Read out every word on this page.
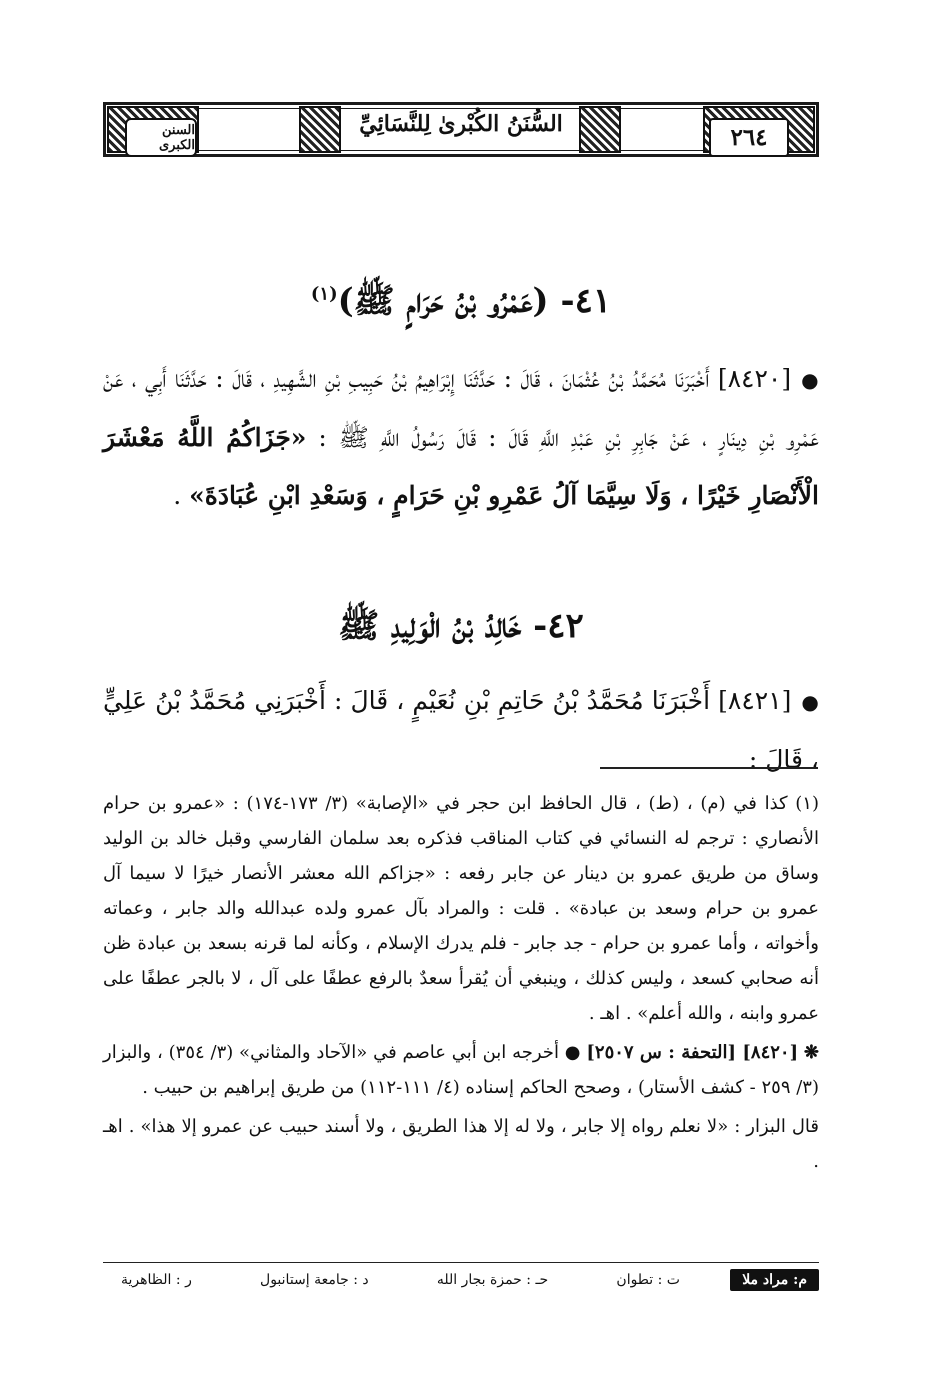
السنن الكبرى
السُّنَنُ الكُبْرىٰ لِلنَّسَائِيِّ	٢٦٤
٤١- (عَمْرُو بْنُ حَرَامٍ ﷺ)$^{(١)}$
●[٨٤٢٠] أَخْبَرَنَا مُحَمَّدُ بْنُ عُثْمَانَ ، قَالَ : حَدَّثَنَا إِبْرَاهِيمُ بْنُ حَبِيبِ بْنِ الشَّهِيدِ ، قَالَ : حَدَّثَنَا أَبِي ، عَنْ عَمْرِو بْنِ دِينَارٍ ، عَنْ جَابِرِ بْنِ عَبْدِ اللَّهِ قَالَ : قَالَ رَسُولُ اللَّهِ ﷺ : «جَزَاكُمُ اللَّهُ مَعْشَرَ الْأَنْصَارِ خَيْرًا ، وَلَا سِيَّمَا آلُ عَمْرِو بْنِ حَرَامٍ ، وَسَعْدِ ابْنِ عُبَادَةَ» .
٤٢- خَالِدُ بْنُ الْوَلِيدِ ﷺ
●[٨٤٢١] أَخْبَرَنَا مُحَمَّدُ بْنُ حَاتِمِ بْنِ نُعَيْمٍ ، قَالَ : أَخْبَرَنِي مُحَمَّدُ بْنُ عَلِيٍّ ، قَالَ :

(١) كذا في (م) ، (ط) ، قال الحافظ ابن حجر في «الإصابة» (٣/ ١٧٣-١٧٤) : «عمرو بن حرام الأنصاري : ترجم له النسائي في كتاب المناقب فذكره بعد سلمان الفارسي وقبل خالد بن الوليد وساق من طريق عمرو بن دينار عن جابر رفعه : «جزاكم الله معشر الأنصار خيرًا لا سيما آل عمرو بن حرام وسعد بن عبادة» . قلت : والمراد بآل عمرو ولده عبدالله والد جابر ، وعماته وأخواته ، وأما عمرو بن حرام - جد جابر - فلم يدرك الإسلام ، وكأنه لما قرنه بسعد بن عبادة ظن أنه صحابي كسعد ، وليس كذلك ، وينبغي أن يُقرأ سعدٌ بالرفع عطفًا على آل ، لا بالجر عطفًا على عمرو وابنه ، والله أعلم» . اهـ .

❋ [٨٤٢٠] [التحفة : س ٢٥٠٧] ● أخرجه ابن أبي عاصم في «الآحاد والمثاني» (٣/ ٣٥٤) ، والبزار (٣/ ٢٥٩ - كشف الأستار) ، وصحح الحاكم إسناده (٤/ ١١١-١١٢) من طريق إبراهيم بن حبيب .

قال البزار : «لا نعلم رواه إلا جابر ، ولا له إلا هذا الطريق ، ولا أسند حبيب عن عمرو إلا هذا» . اهـ .

م: مراد ملا
ت : تطوان
حـ : حمزة بجار الله
د : جامعة إستانبول
ر : الظاهرية
